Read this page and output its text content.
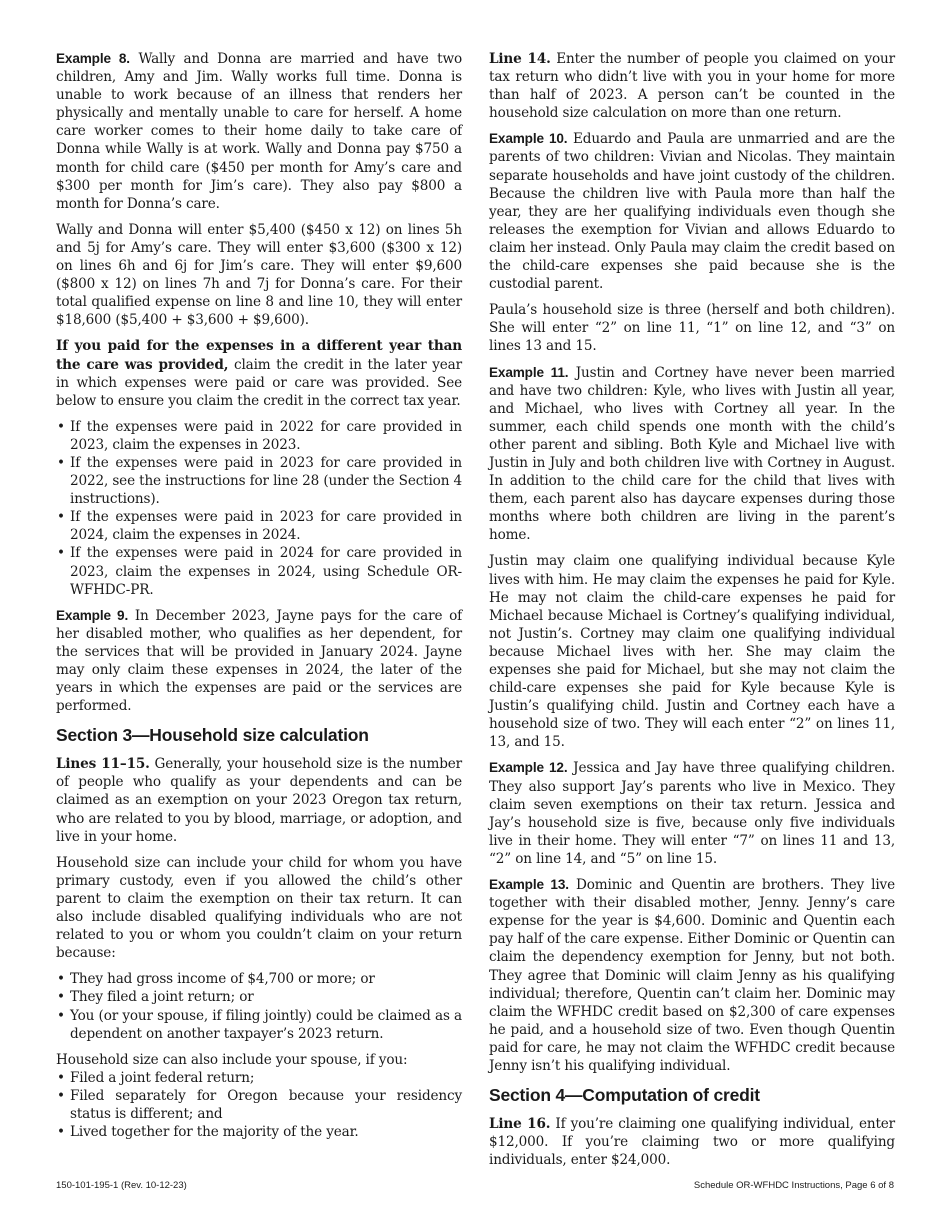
Example 8. Wally and Donna are married and have two children, Amy and Jim. Wally works full time. Donna is unable to work because of an illness that renders her physically and mentally unable to care for herself. A home care worker comes to their home daily to take care of Donna while Wally is at work. Wally and Donna pay $750 a month for child care ($450 per month for Amy’s care and $300 per month for Jim’s care). They also pay $800 a month for Donna’s care.

Wally and Donna will enter $5,400 ($450 x 12) on lines 5h and 5j for Amy’s care. They will enter $3,600 ($300 x 12) on lines 6h and 6j for Jim’s care. They will enter $9,600 ($800 x 12) on lines 7h and 7j for Donna’s care. For their total qualified expense on line 8 and line 10, they will enter $18,600 ($5,400 + $3,600 + $9,600).

If you paid for the expenses in a different year than the care was provided, claim the credit in the later year in which expenses were paid or care was provided. See below to ensure you claim the credit in the correct tax year.

• If the expenses were paid in 2022 for care provided in 2023, claim the expenses in 2023.
• If the expenses were paid in 2023 for care provided in 2022, see the instructions for line 28 (under the Section 4 instructions).
• If the expenses were paid in 2023 for care provided in 2024, claim the expenses in 2024.
• If the expenses were paid in 2024 for care provided in 2023, claim the expenses in 2024, using Schedule OR-WFHDC-PR.

Example 9. In December 2023, Jayne pays for the care of her disabled mother, who qualifies as her dependent, for the services that will be provided in January 2024. Jayne may only claim these expenses in 2024, the later of the years in which the expenses are paid or the services are performed.

Section 3—Household size calculation

Lines 11–15. Generally, your household size is the number of people who qualify as your dependents and can be claimed as an exemption on your 2023 Oregon tax return, who are related to you by blood, marriage, or adoption, and live in your home.

Household size can include your child for whom you have primary custody, even if you allowed the child’s other parent to claim the exemption on their tax return. It can also include disabled qualifying individuals who are not related to you or whom you couldn’t claim on your return because:

• They had gross income of $4,700 or more; or
• They filed a joint return; or
• You (or your spouse, if filing jointly) could be claimed as a dependent on another taxpayer’s 2023 return.

Household size can also include your spouse, if you:

• Filed a joint federal return;
• Filed separately for Oregon because your residency status is different; and
• Lived together for the majority of the year.

Line 14. Enter the number of people you claimed on your tax return who didn’t live with you in your home for more than half of 2023. A person can’t be counted in the household size calculation on more than one return.

Example 10. Eduardo and Paula are unmarried and are the parents of two children: Vivian and Nicolas. They maintain separate households and have joint custody of the children. Because the children live with Paula more than half the year, they are her qualifying individuals even though she releases the exemption for Vivian and allows Eduardo to claim her instead. Only Paula may claim the credit based on the child-care expenses she paid because she is the custodial parent.

Paula’s household size is three (herself and both children). She will enter “2” on line 11, “1” on line 12, and “3” on lines 13 and 15.

Example 11. Justin and Cortney have never been married and have two children: Kyle, who lives with Justin all year, and Michael, who lives with Cortney all year. In the summer, each child spends one month with the child’s other parent and sibling. Both Kyle and Michael live with Justin in July and both children live with Cortney in August. In addition to the child care for the child that lives with them, each parent also has daycare expenses during those months where both children are living in the parent’s home.

Justin may claim one qualifying individual because Kyle lives with him. He may claim the expenses he paid for Kyle. He may not claim the child-care expenses he paid for Michael because Michael is Cortney’s qualifying individual, not Justin’s. Cortney may claim one qualifying individual because Michael lives with her. She may claim the expenses she paid for Michael, but she may not claim the child-care expenses she paid for Kyle because Kyle is Justin’s qualifying child. Justin and Cortney each have a household size of two. They will each enter “2” on lines 11, 13, and 15.

Example 12. Jessica and Jay have three qualifying children. They also support Jay’s parents who live in Mexico. They claim seven exemptions on their tax return. Jessica and Jay’s household size is five, because only five individuals live in their home. They will enter “7” on lines 11 and 13, “2” on line 14, and “5” on line 15.

Example 13. Dominic and Quentin are brothers. They live together with their disabled mother, Jenny. Jenny’s care expense for the year is $4,600. Dominic and Quentin each pay half of the care expense. Either Dominic or Quentin can claim the dependency exemption for Jenny, but not both. They agree that Dominic will claim Jenny as his qualifying individual; therefore, Quentin can’t claim her. Dominic may claim the WFHDC credit based on $2,300 of care expenses he paid, and a household size of two. Even though Quentin paid for care, he may not claim the WFHDC credit because Jenny isn’t his qualifying individual.

Section 4—Computation of credit

Line 16. If you’re claiming one qualifying individual, enter $12,000. If you’re claiming two or more qualifying individuals, enter $24,000.

150-101-195-1 (Rev. 10-12-23)	Schedule OR-WFHDC Instructions, Page 6 of 8
